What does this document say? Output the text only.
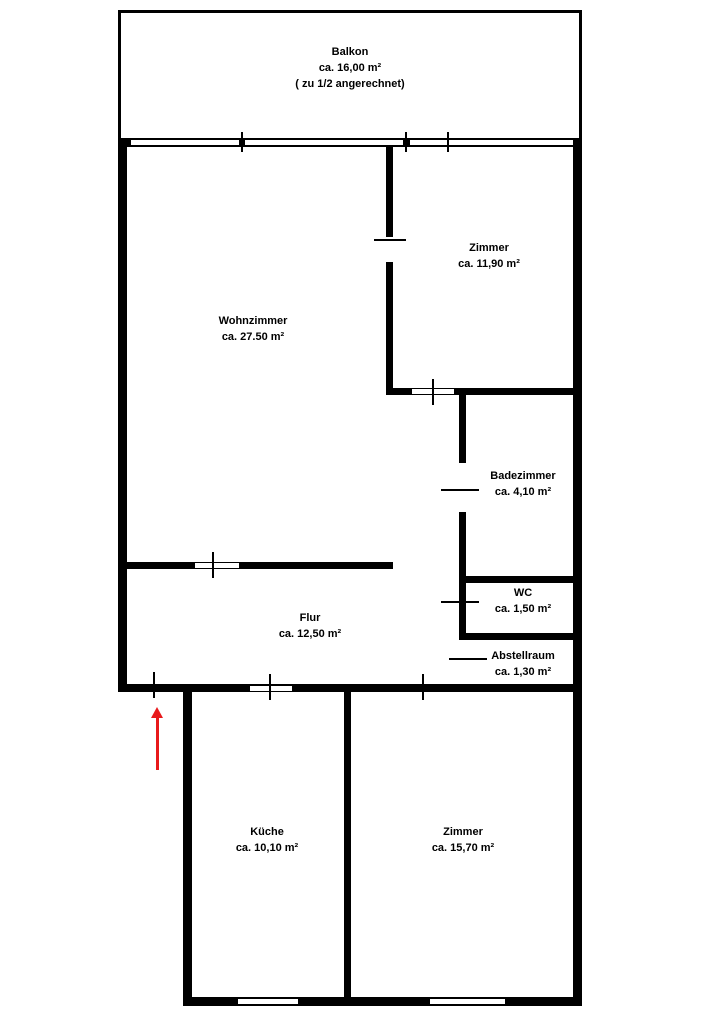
Balkon
ca. 16,00 m²
( zu 1/2 angerechnet)
Zimmer
ca. 11,90 m²
Wohnzimmer
ca. 27.50 m²
Badezimmer
ca. 4,10 m²
WC
ca. 1,50 m²
Abstellraum
ca. 1,30 m²
Flur
ca. 12,50 m²
Küche
ca. 10,10 m²
Zimmer
ca. 15,70 m²
